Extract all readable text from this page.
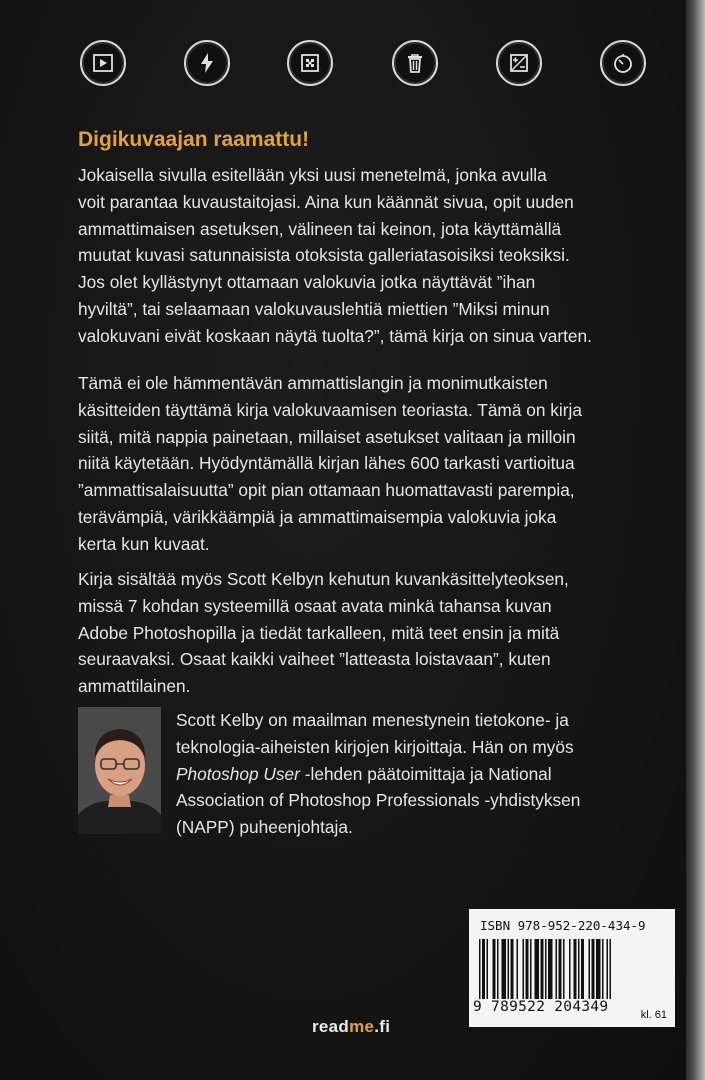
Digikuvaajan raamattu!

Jokaisella sivulla esitellään yksi uusi menetelmä, jonka avulla
voit parantaa kuvaustaitojasi. Aina kun käännät sivua, opit uuden
ammattimaisen asetuksen, välineen tai keinon, jota käyttämällä
muutat kuvasi satunnaisista otoksista galleriatasoisiksi teoksiksi.
Jos olet kyllästynyt ottamaan valokuvia jotka näyttävät ”ihan
hyviltä”, tai selaamaan valokuvauslehtiä miettien ”Miksi minun
valokuvani eivät koskaan näytä tuolta?”, tämä kirja on sinua varten.

Tämä ei ole hämmentävän ammattislangin ja monimutkaisten
käsitteiden täyttämä kirja valokuvaamisen teoriasta. Tämä on kirja
siitä, mitä nappia painetaan, millaiset asetukset valitaan ja milloin
niitä käytetään. Hyödyntämällä kirjan lähes 600 tarkasti vartioitua
”ammattisalaisuutta” opit pian ottamaan huomattavasti parempia,
terävämpiä, värikkäämpiä ja ammattimaisempia valokuvia joka
kerta kun kuvaat.

Kirja sisältää myös Scott Kelbyn kehutun kuvankäsittelyteoksen,
missä 7 kohdan systeemillä osaat avata minkä tahansa kuvan
Adobe Photoshopilla ja tiedät tarkalleen, mitä teet ensin ja mitä
seuraavaksi. Osaat kaikki vaiheet ”latteasta loistavaan”, kuten
ammattilainen.

Scott Kelby on maailman menestynein tietokone- ja
teknologia-aiheisten kirjojen kirjoittaja. Hän on myös
Photoshop User -lehden päätoimittaja ja National
Association of Photoshop Professionals -yhdistyksen
(NAPP) puheenjohtaja.

ISBN 978-952-220-434-9
9 789522 204349	kl. 61
readme.fi
